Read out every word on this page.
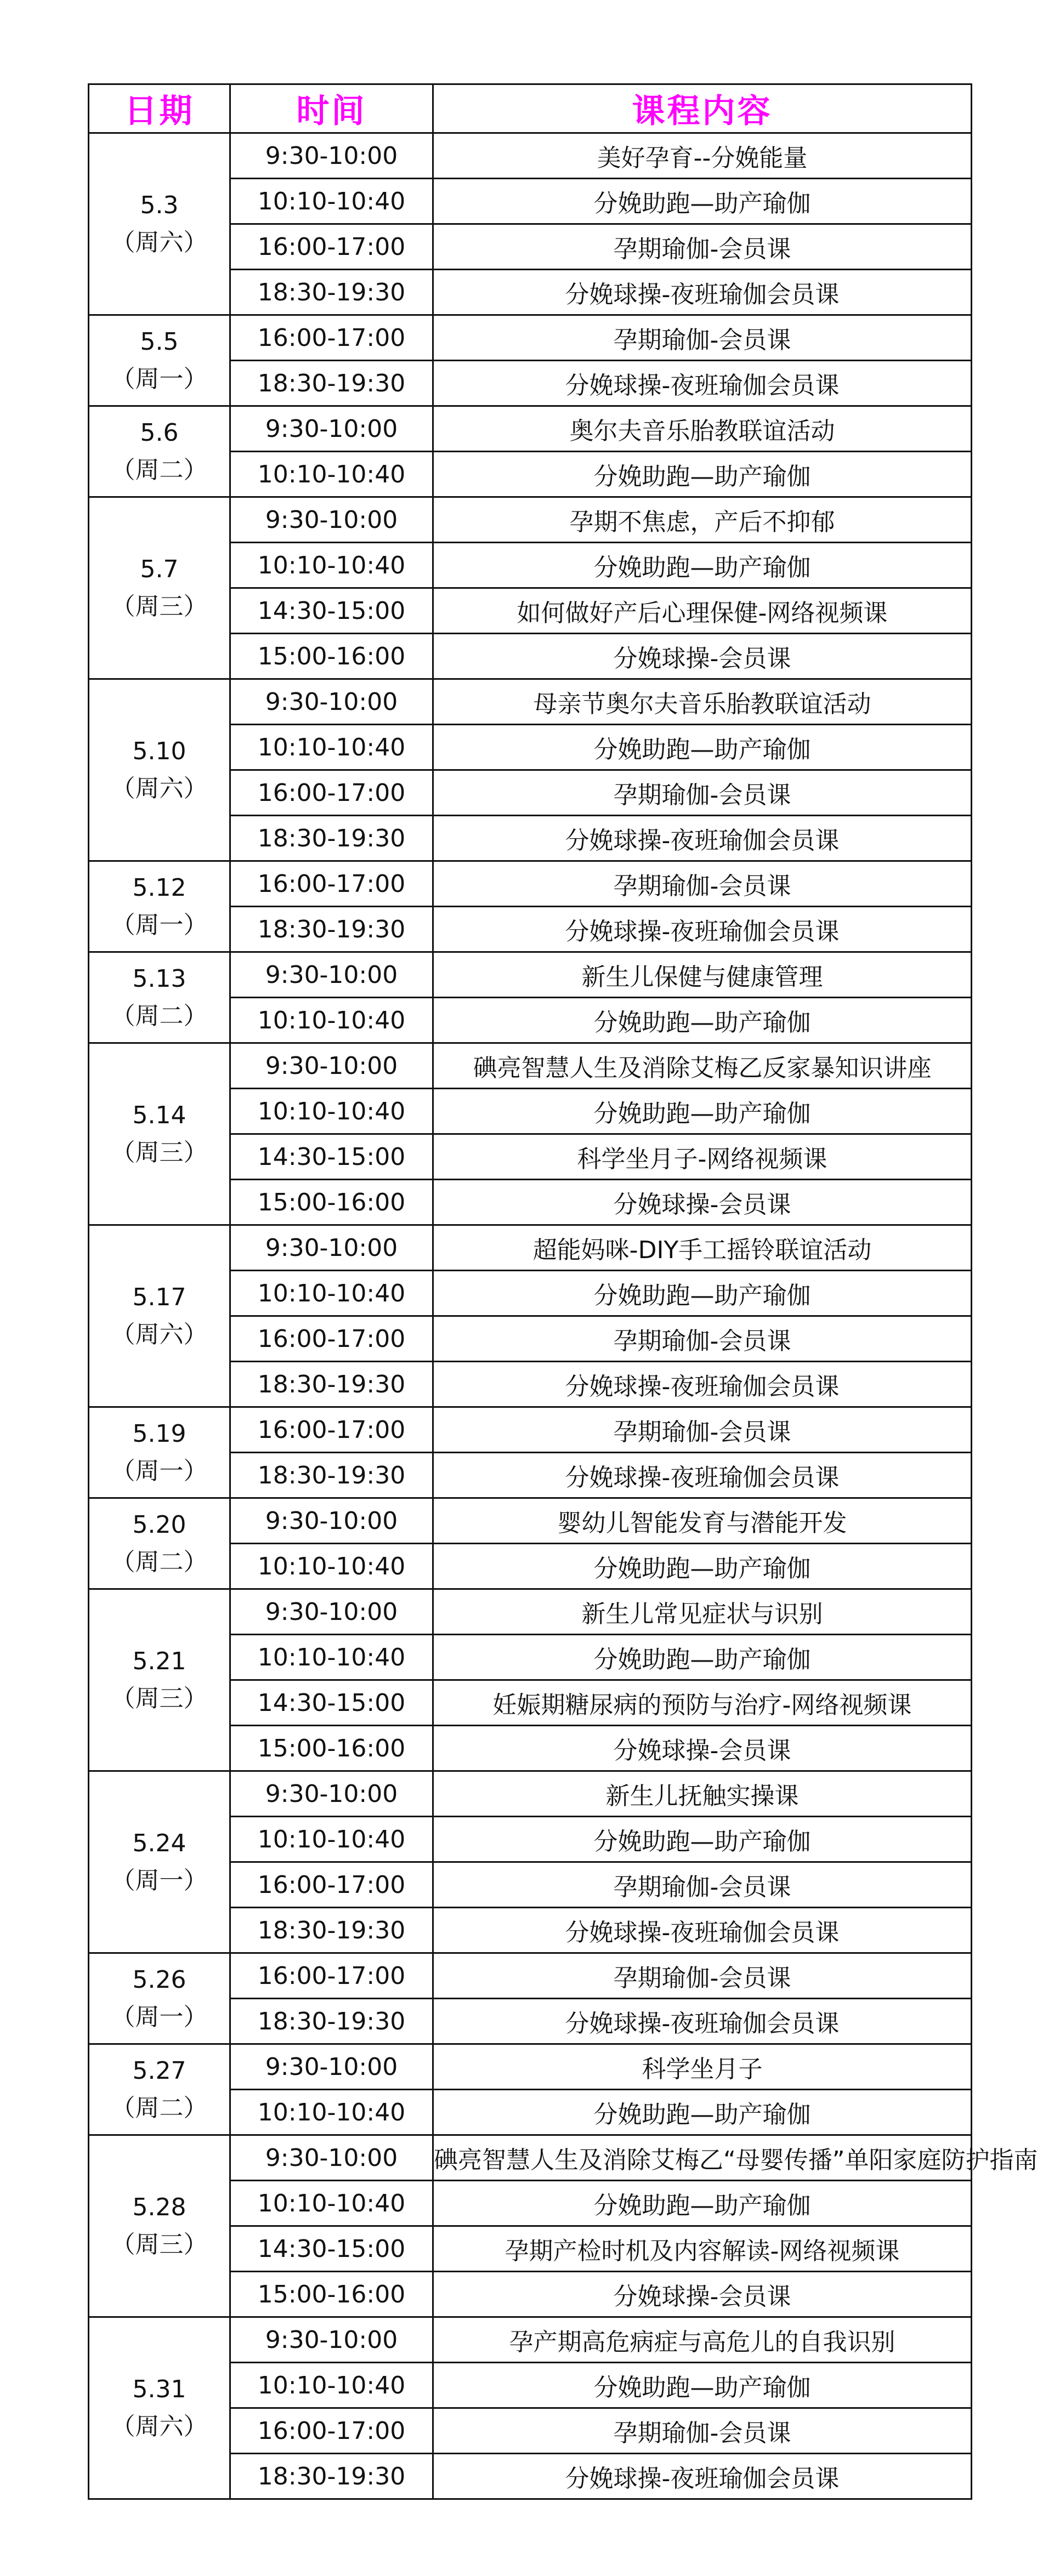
日期	时间	课程内容

5.3
（周六）	9:30-10:00	美好孕育--分娩能量
	10:10-10:40	分娩助跑—助产瑜伽
	16:00-17:00	孕期瑜伽-会员课
	18:30-19:30	分娩球操-夜班瑜伽会员课

5.5
（周一）	16:00-17:00	孕期瑜伽-会员课
	18:30-19:30	分娩球操-夜班瑜伽会员课

5.6
（周二）	9:30-10:00	奥尔夫音乐胎教联谊活动
	10:10-10:40	分娩助跑—助产瑜伽

5.7
（周三）	9:30-10:00	孕期不焦虑，产后不抑郁
	10:10-10:40	分娩助跑—助产瑜伽
	14:30-15:00	如何做好产后心理保健-网络视频课
	15:00-16:00	分娩球操-会员课

5.10
（周六）	9:30-10:00	母亲节奥尔夫音乐胎教联谊活动
	10:10-10:40	分娩助跑—助产瑜伽
	16:00-17:00	孕期瑜伽-会员课
	18:30-19:30	分娩球操-夜班瑜伽会员课

5.12
（周一）	16:00-17:00	孕期瑜伽-会员课
	18:30-19:30	分娩球操-夜班瑜伽会员课

5.13
（周二）	9:30-10:00	新生儿保健与健康管理
	10:10-10:40	分娩助跑—助产瑜伽

5.14
（周三）	9:30-10:00	碘亮智慧人生及消除艾梅乙反家暴知识讲座
	10:10-10:40	分娩助跑—助产瑜伽
	14:30-15:00	科学坐月子-网络视频课
	15:00-16:00	分娩球操-会员课

5.17
（周六）	9:30-10:00	超能妈咪-DIY手工摇铃联谊活动
	10:10-10:40	分娩助跑—助产瑜伽
	16:00-17:00	孕期瑜伽-会员课
	18:30-19:30	分娩球操-夜班瑜伽会员课

5.19
（周一）	16:00-17:00	孕期瑜伽-会员课
	18:30-19:30	分娩球操-夜班瑜伽会员课

5.20
（周二）	9:30-10:00	婴幼儿智能发育与潜能开发
	10:10-10:40	分娩助跑—助产瑜伽

5.21
（周三）	9:30-10:00	新生儿常见症状与识别
	10:10-10:40	分娩助跑—助产瑜伽
	14:30-15:00	妊娠期糖尿病的预防与治疗-网络视频课
	15:00-16:00	分娩球操-会员课

5.24
（周一）	9:30-10:00	新生儿抚触实操课
	10:10-10:40	分娩助跑—助产瑜伽
	16:00-17:00	孕期瑜伽-会员课
	18:30-19:30	分娩球操-夜班瑜伽会员课

5.26
（周一）	16:00-17:00	孕期瑜伽-会员课
	18:30-19:30	分娩球操-夜班瑜伽会员课

5.27
（周二）	9:30-10:00	科学坐月子
	10:10-10:40	分娩助跑—助产瑜伽

5.28
（周三）	9:30-10:00	碘亮智慧人生及消除艾梅乙“母婴传播”单阳家庭防护指南
	10:10-10:40	分娩助跑—助产瑜伽
	14:30-15:00	孕期产检时机及内容解读-网络视频课
	15:00-16:00	分娩球操-会员课

5.31
（周六）	9:30-10:00	孕产期高危病症与高危儿的自我识别
	10:10-10:40	分娩助跑—助产瑜伽
	16:00-17:00	孕期瑜伽-会员课
	18:30-19:30	分娩球操-夜班瑜伽会员课
